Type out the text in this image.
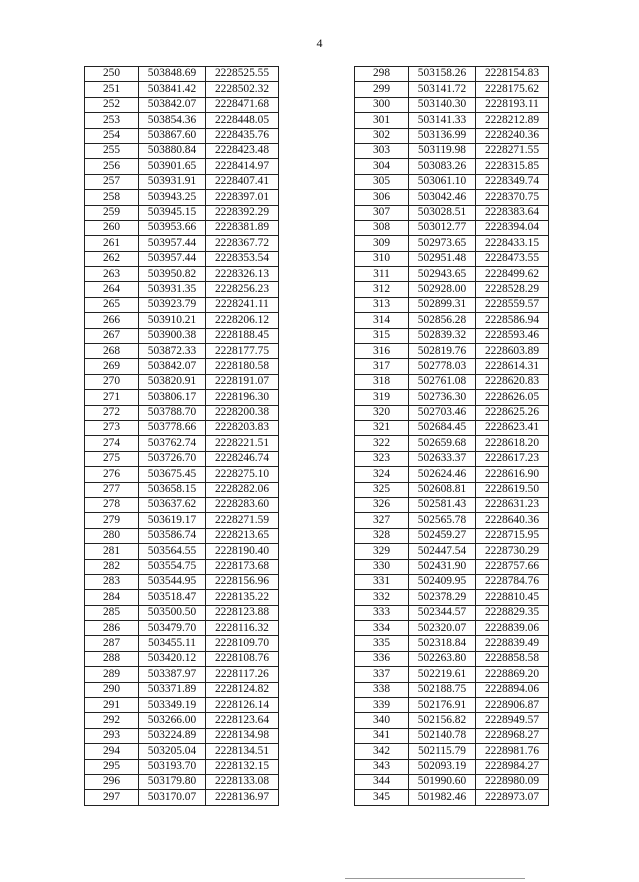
4
250	503848.69	2228525.55
251	503841.42	2228502.32
252	503842.07	2228471.68
253	503854.36	2228448.05
254	503867.60	2228435.76
255	503880.84	2228423.48
256	503901.65	2228414.97
257	503931.91	2228407.41
258	503943.25	2228397.01
259	503945.15	2228392.29
260	503953.66	2228381.89
261	503957.44	2228367.72
262	503957.44	2228353.54
263	503950.82	2228326.13
264	503931.35	2228256.23
265	503923.79	2228241.11
266	503910.21	2228206.12
267	503900.38	2228188.45
268	503872.33	2228177.75
269	503842.07	2228180.58
270	503820.91	2228191.07
271	503806.17	2228196.30
272	503788.70	2228200.38
273	503778.66	2228203.83
274	503762.74	2228221.51
275	503726.70	2228246.74
276	503675.45	2228275.10
277	503658.15	2228282.06
278	503637.62	2228283.60
279	503619.17	2228271.59
280	503586.74	2228213.65
281	503564.55	2228190.40
282	503554.75	2228173.68
283	503544.95	2228156.96
284	503518.47	2228135.22
285	503500.50	2228123.88
286	503479.70	2228116.32
287	503455.11	2228109.70
288	503420.12	2228108.76
289	503387.97	2228117.26
290	503371.89	2228124.82
291	503349.19	2228126.14
292	503266.00	2228123.64
293	503224.89	2228134.98
294	503205.04	2228134.51
295	503193.70	2228132.15
296	503179.80	2228133.08
297	503170.07	2228136.97
298	503158.26	2228154.83
299	503141.72	2228175.62
300	503140.30	2228193.11
301	503141.33	2228212.89
302	503136.99	2228240.36
303	503119.98	2228271.55
304	503083.26	2228315.85
305	503061.10	2228349.74
306	503042.46	2228370.75
307	503028.51	2228383.64
308	503012.77	2228394.04
309	502973.65	2228433.15
310	502951.48	2228473.55
311	502943.65	2228499.62
312	502928.00	2228528.29
313	502899.31	2228559.57
314	502856.28	2228586.94
315	502839.32	2228593.46
316	502819.76	2228603.89
317	502778.03	2228614.31
318	502761.08	2228620.83
319	502736.30	2228626.05
320	502703.46	2228625.26
321	502684.45	2228623.41
322	502659.68	2228618.20
323	502633.37	2228617.23
324	502624.46	2228616.90
325	502608.81	2228619.50
326	502581.43	2228631.23
327	502565.78	2228640.36
328	502459.27	2228715.95
329	502447.54	2228730.29
330	502431.90	2228757.66
331	502409.95	2228784.76
332	502378.29	2228810.45
333	502344.57	2228829.35
334	502320.07	2228839.06
335	502318.84	2228839.49
336	502263.80	2228858.58
337	502219.61	2228869.20
338	502188.75	2228894.06
339	502176.91	2228906.87
340	502156.82	2228949.57
341	502140.78	2228968.27
342	502115.79	2228981.76
343	502093.19	2228984.27
344	501990.60	2228980.09
345	501982.46	2228973.07
